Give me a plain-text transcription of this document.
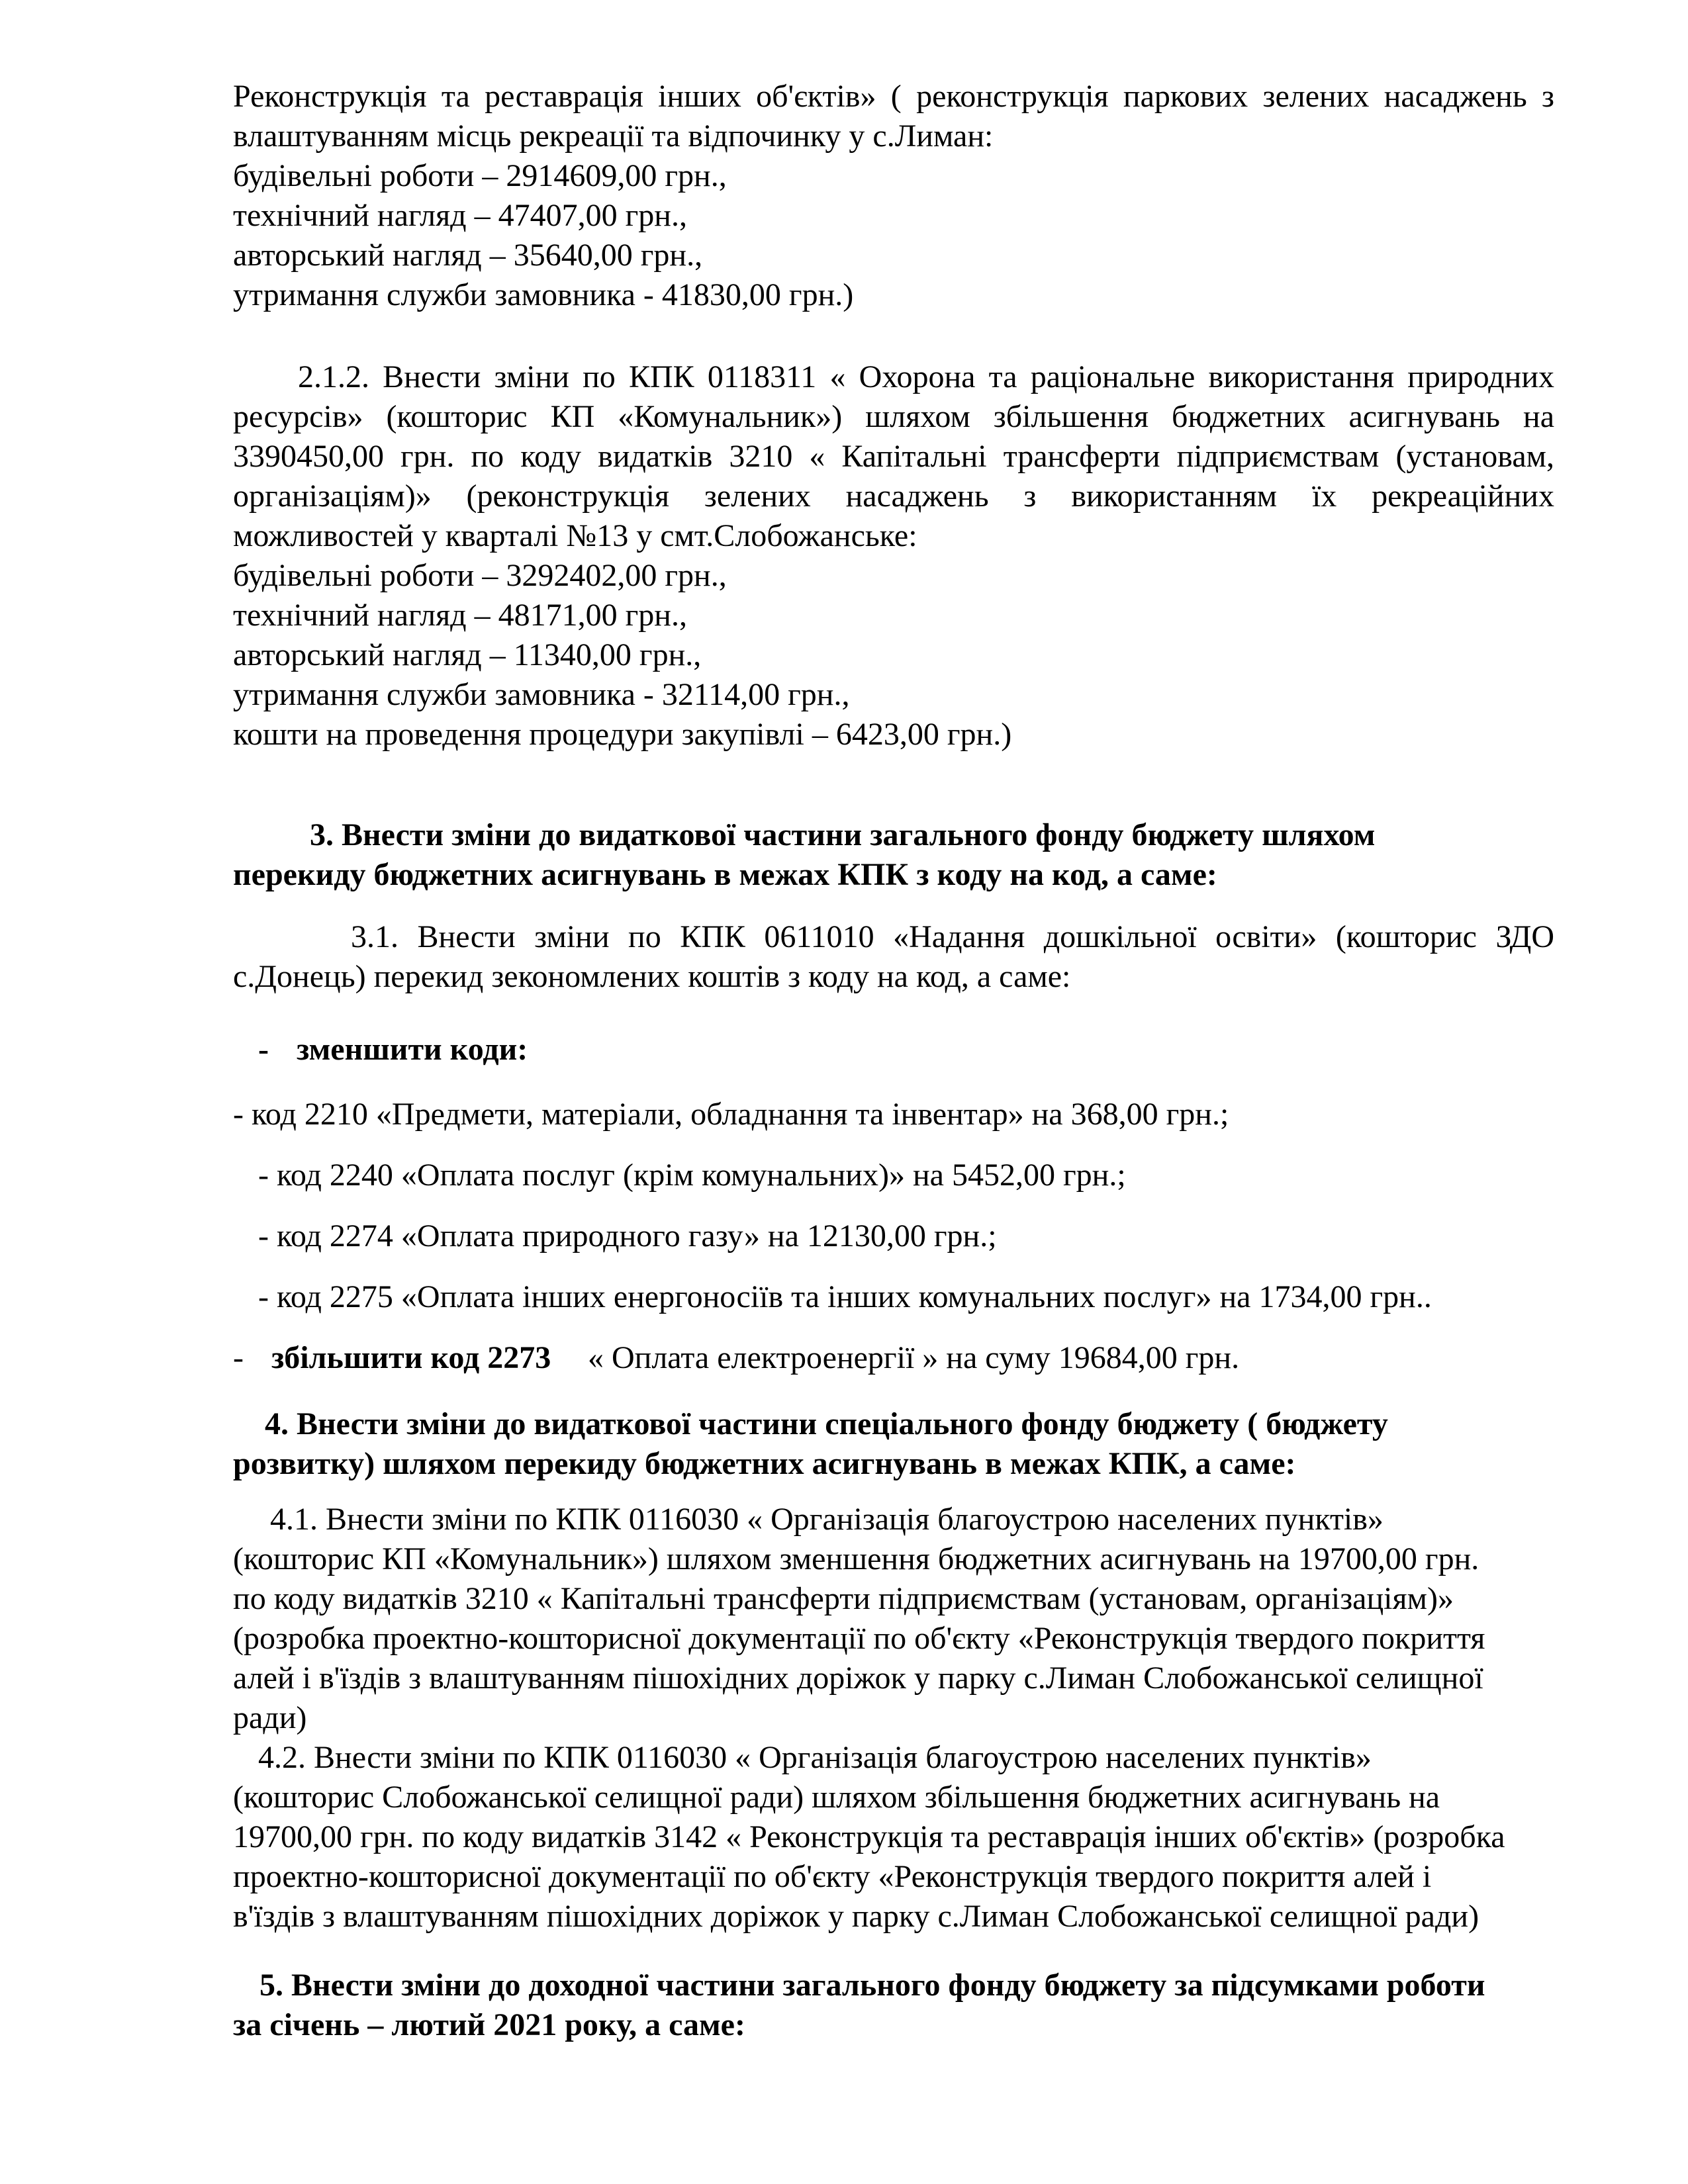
Реконструкція та реставрація інших об'єктів» ( реконструкція паркових зелених насаджень з
влаштуванням місць рекреації та відпочинку у с.Лиман:
будівельні роботи – 2914609,00 грн.,
технічний нагляд – 47407,00 грн.,
авторський нагляд – 35640,00 грн.,
утримання служби замовника - 41830,00 грн.)
2.1.2. Внести зміни по КПК 0118311 « Охорона та раціональне використання природних
ресурсів» (кошторис КП «Комунальник») шляхом збільшення бюджетних асигнувань на
3390450,00 грн. по коду видатків 3210 « Капітальні трансферти підприємствам (установам,
організаціям)» (реконструкція зелених насаджень з використанням їх рекреаційних
можливостей у кварталі №13 у смт.Слобожанське:
будівельні роботи – 3292402,00 грн.,
технічний нагляд – 48171,00 грн.,
авторський нагляд – 11340,00 грн.,
утримання служби замовника - 32114,00 грн.,
кошти на проведення процедури закупівлі – 6423,00 грн.)
3. Внести зміни до видаткової частини загального фонду бюджету шляхом
перекиду бюджетних асигнувань в межах КПК з коду на код, а саме:
3.1. Внести зміни по КПК 0611010 «Надання дошкільної освіти» (кошторис ЗДО
с.Донець) перекид зекономлених коштів з коду на код, а саме:
- зменшити коди:
- код 2210 «Предмети, матеріали, обладнання та інвентар» на 368,00 грн.;
- код 2240 «Оплата послуг (крім комунальних)» на 5452,00 грн.;
- код 2274 «Оплата природного газу» на 12130,00 грн.;
- код 2275 «Оплата інших енергоносіїв та інших комунальних послуг» на 1734,00 грн..
- збільшити код 2273	« Оплата електроенергії » на суму 19684,00 грн.
4. Внести зміни до видаткової частини спеціального фонду бюджету ( бюджету
розвитку) шляхом перекиду бюджетних асигнувань в межах КПК, а саме:
4.1. Внести зміни по КПК 0116030 « Організація благоустрою населених пунктів»
(кошторис КП «Комунальник») шляхом зменшення бюджетних асигнувань на 19700,00 грн.
по коду видатків 3210 « Капітальні трансферти підприємствам (установам, організаціям)»
(розробка проектно-кошторисної документації по об'єкту «Реконструкція твердого покриття
алей і в'їздів з влаштуванням пішохідних доріжок у парку с.Лиман Слобожанської селищної
ради)
4.2. Внести зміни по КПК 0116030 « Організація благоустрою населених пунктів»
(кошторис Слобожанської селищної ради) шляхом збільшення бюджетних асигнувань на
19700,00 грн. по коду видатків 3142 « Реконструкція та реставрація інших об'єктів» (розробка
проектно-кошторисної документації по об'єкту «Реконструкція твердого покриття алей і
в'їздів з влаштуванням пішохідних доріжок у парку с.Лиман Слобожанської селищної ради)
5. Внести зміни до доходної частини загального фонду бюджету за підсумками роботи
за січень – лютий 2021 року, а саме:
